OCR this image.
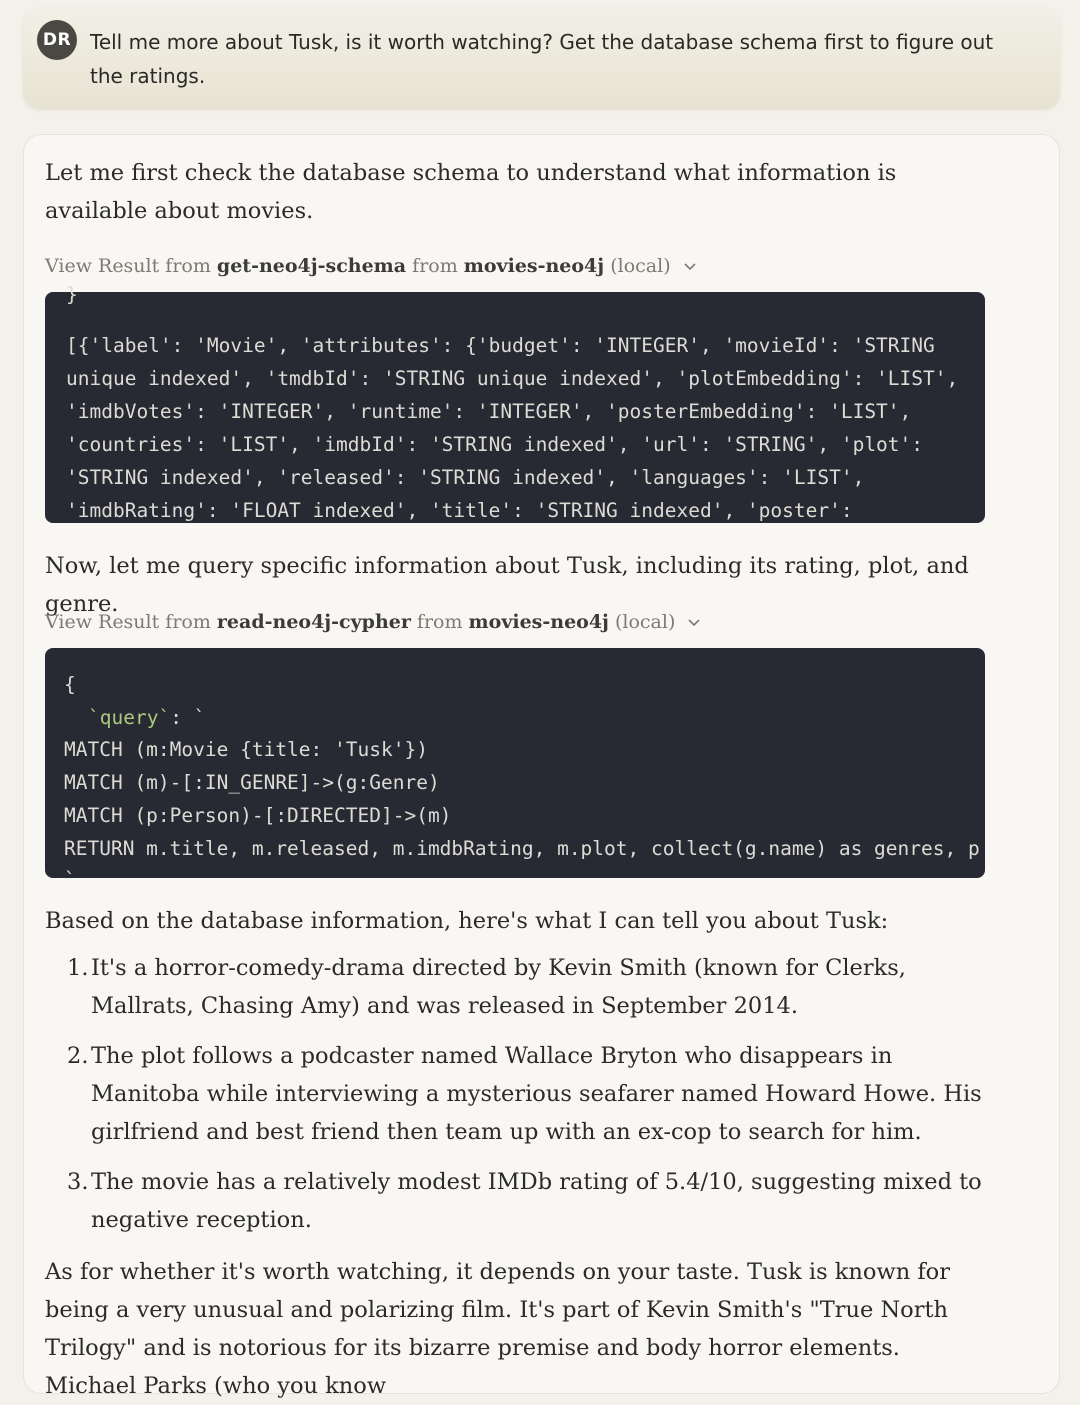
DR Tell me more about Tusk, is it worth watching? Get the database schema first to figure out the ratings.
Let me first check the database schema to understand what information is available about movies.
View Result from
get-neo4j-schema
from
movies-neo4j
(local)
}
[{'label': 'Movie', 'attributes': {'budget': 'INTEGER', 'movieId': 'STRING
unique indexed', 'tmdbId': 'STRING unique indexed', 'plotEmbedding': 'LIST',
'imdbVotes': 'INTEGER', 'runtime': 'INTEGER', 'posterEmbedding': 'LIST',
'countries': 'LIST', 'imdbId': 'STRING indexed', 'url': 'STRING', 'plot':
'STRING indexed', 'released': 'STRING indexed', 'languages': 'LIST',
'imdbRating': 'FLOAT indexed', 'title': 'STRING indexed', 'poster':
Now, let me query specific information about Tusk, including its rating, plot, and genre.
View Result from
read-neo4j-cypher
from
movies-neo4j
(local)
{
`query`: `
MATCH (m:Movie {title: 'Tusk'})
MATCH (m)-[:IN_GENRE]->(g:Genre)
MATCH (p:Person)-[:DIRECTED]->(m)
RETURN m.title, m.released, m.imdbRating, m.plot, collect(g.name) as genres, p
`
Based on the database information, here's what I can tell you about Tusk:
1. It's a horror-comedy-drama directed by Kevin Smith (known for Clerks, Mallrats, Chasing Amy) and was released in September 2014.
2. The plot follows a podcaster named Wallace Bryton who disappears in Manitoba while interviewing a mysterious seafarer named Howard Howe. His girlfriend and best friend then team up with an ex-cop to search for him.
3. The movie has a relatively modest IMDb rating of 5.4/10, suggesting mixed to negative reception.
As for whether it's worth watching, it depends on your taste. Tusk is known for being a very unusual and polarizing film. It's part of Kevin Smith's "True North Trilogy" and is notorious for its bizarre premise and body horror elements. Michael Parks (who you know
